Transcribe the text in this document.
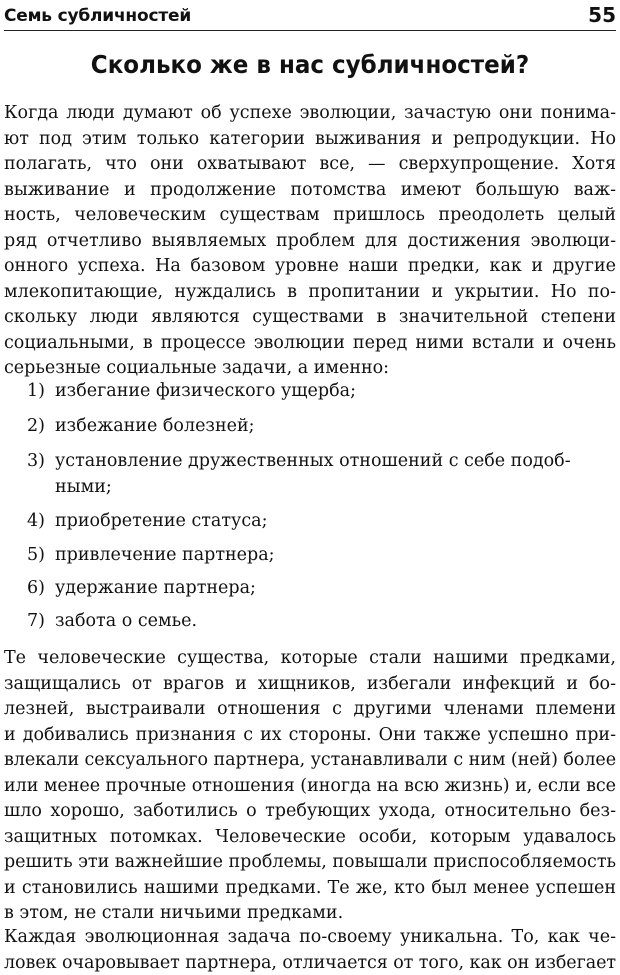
Семь субличностей	55
Сколько же в нас субличностей?
Когда люди думают об успехе эволюции, зачастую они понима-
ют под этим только категории выживания и репродукции. Но
полагать, что они охватывают все, — сверхупрощение. Хотя
выживание и продолжение потомства имеют большую важ-
ность, человеческим существам пришлось преодолеть целый
ряд отчетливо выявляемых проблем для достижения эволюци-
онного успеха. На базовом уровне наши предки, как и другие
млекопитающие, нуждались в пропитании и укрытии. Но по-
скольку люди являются существами в значительной степени
социальными, в процессе эволюции перед ними встали и очень
серьезные социальные задачи, а именно:
1) избегание физического ущерба;
2) избежание болезней;
3) установление дружественных отношений с себе подоб-
ными;
4) приобретение статуса;
5) привлечение партнера;
6) удержание партнера;
7) забота о семье.
Те человеческие существа, которые стали нашими предками,
защищались от врагов и хищников, избегали инфекций и бо-
лезней, выстраивали отношения с другими членами племени
и добивались признания с их стороны. Они также успешно при-
влекали сексуального партнера, устанавливали с ним (ней) более
или менее прочные отношения (иногда на всю жизнь) и, если все
шло хорошо, заботились о требующих ухода, относительно без-
защитных потомках. Человеческие особи, которым удавалось
решить эти важнейшие проблемы, повышали приспособляемость
и становились нашими предками. Те же, кто был менее успешен
в этом, не стали ничьими предками.
Каждая эволюционная задача по-своему уникальна. То, как че-
ловек очаровывает партнера, отличается от того, как он избегает
